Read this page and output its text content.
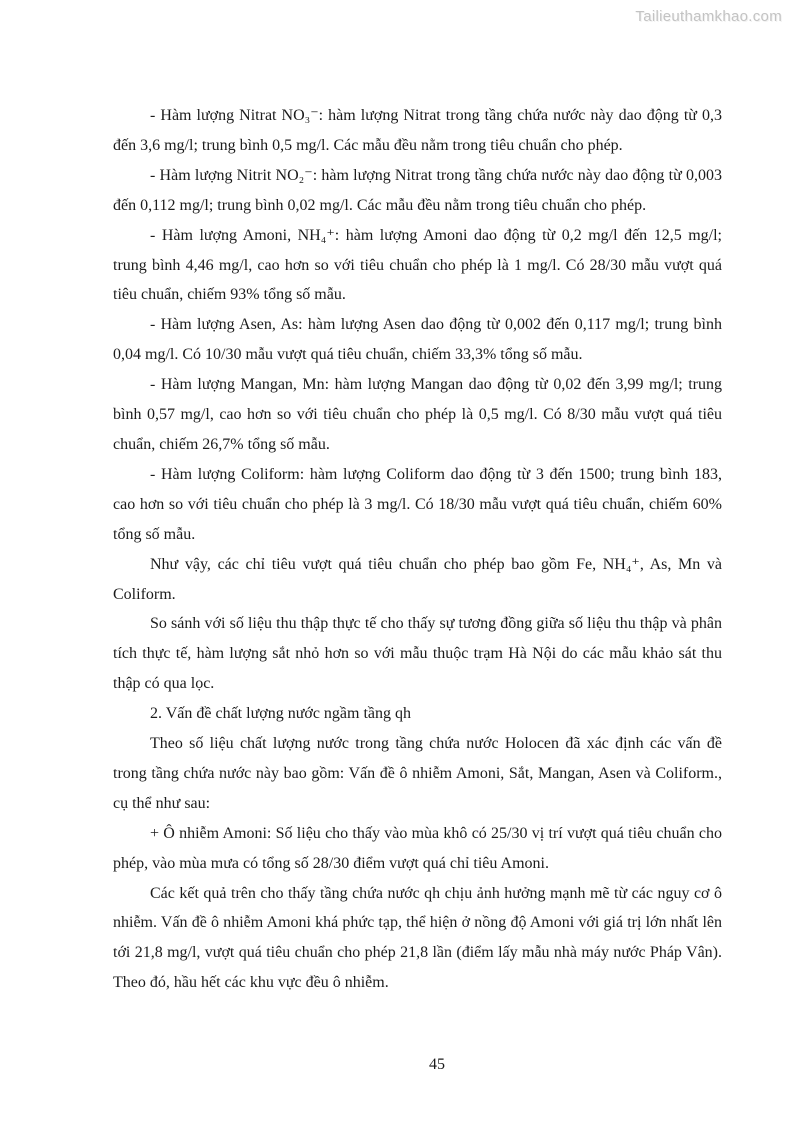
Tailieuthamkhao.com

- Hàm lượng Nitrat NO₃⁻: hàm lượng Nitrat trong tầng chứa nước này dao động từ 0,3 đến 3,6 mg/l; trung bình 0,5 mg/l. Các mẫu đều nằm trong tiêu chuẩn cho phép.

- Hàm lượng Nitrit NO₂⁻: hàm lượng Nitrat trong tầng chứa nước này dao động từ 0,003 đến 0,112 mg/l; trung bình 0,02 mg/l. Các mẫu đều nằm trong tiêu chuẩn cho phép.

- Hàm lượng Amoni, NH₄⁺: hàm lượng Amoni dao động từ 0,2 mg/l đến 12,5 mg/l; trung bình 4,46 mg/l, cao hơn so với tiêu chuẩn cho phép là 1 mg/l. Có 28/30 mẫu vượt quá tiêu chuẩn, chiếm 93% tổng số mẫu.

- Hàm lượng Asen, As: hàm lượng Asen dao động từ 0,002 đến 0,117 mg/l; trung bình 0,04 mg/l. Có 10/30 mẫu vượt quá tiêu chuẩn, chiếm 33,3% tổng số mẫu.

- Hàm lượng Mangan, Mn: hàm lượng Mangan dao động từ 0,02 đến 3,99 mg/l; trung bình 0,57 mg/l, cao hơn so với tiêu chuẩn cho phép là 0,5 mg/l. Có 8/30 mẫu vượt quá tiêu chuẩn, chiếm 26,7% tổng số mẫu.

- Hàm lượng Coliform: hàm lượng Coliform dao động từ 3 đến 1500; trung bình 183, cao hơn so với tiêu chuẩn cho phép là 3 mg/l. Có 18/30 mẫu vượt quá tiêu chuẩn, chiếm 60% tổng số mẫu.

Như vậy, các chỉ tiêu vượt quá tiêu chuẩn cho phép bao gồm Fe, NH₄⁺, As, Mn và Coliform.

So sánh với số liệu thu thập thực tế cho thấy sự tương đồng giữa số liệu thu thập và phân tích thực tế, hàm lượng sắt nhỏ hơn so với mẫu thuộc trạm Hà Nội do các mẫu khảo sát thu thập có qua lọc.

2. Vấn đề chất lượng nước ngầm tầng qh

Theo số liệu chất lượng nước trong tầng chứa nước Holocen đã xác định các vấn đề trong tầng chứa nước này bao gồm: Vấn đề ô nhiễm Amoni, Sắt, Mangan, Asen và Coliform., cụ thể như sau:

+ Ô nhiễm Amoni: Số liệu cho thấy vào mùa khô có 25/30 vị trí vượt quá tiêu chuẩn cho phép, vào mùa mưa có tổng số 28/30 điểm vượt quá chỉ tiêu Amoni.

Các kết quả trên cho thấy tầng chứa nước qh chịu ảnh hưởng mạnh mẽ từ các nguy cơ ô nhiễm. Vấn đề ô nhiễm Amoni khá phức tạp, thể hiện ở nồng độ Amoni với giá trị lớn nhất lên tới 21,8 mg/l, vượt quá tiêu chuẩn cho phép 21,8 lần (điểm lấy mẫu nhà máy nước Pháp Vân). Theo đó, hầu hết các khu vực đều ô nhiễm.

45
